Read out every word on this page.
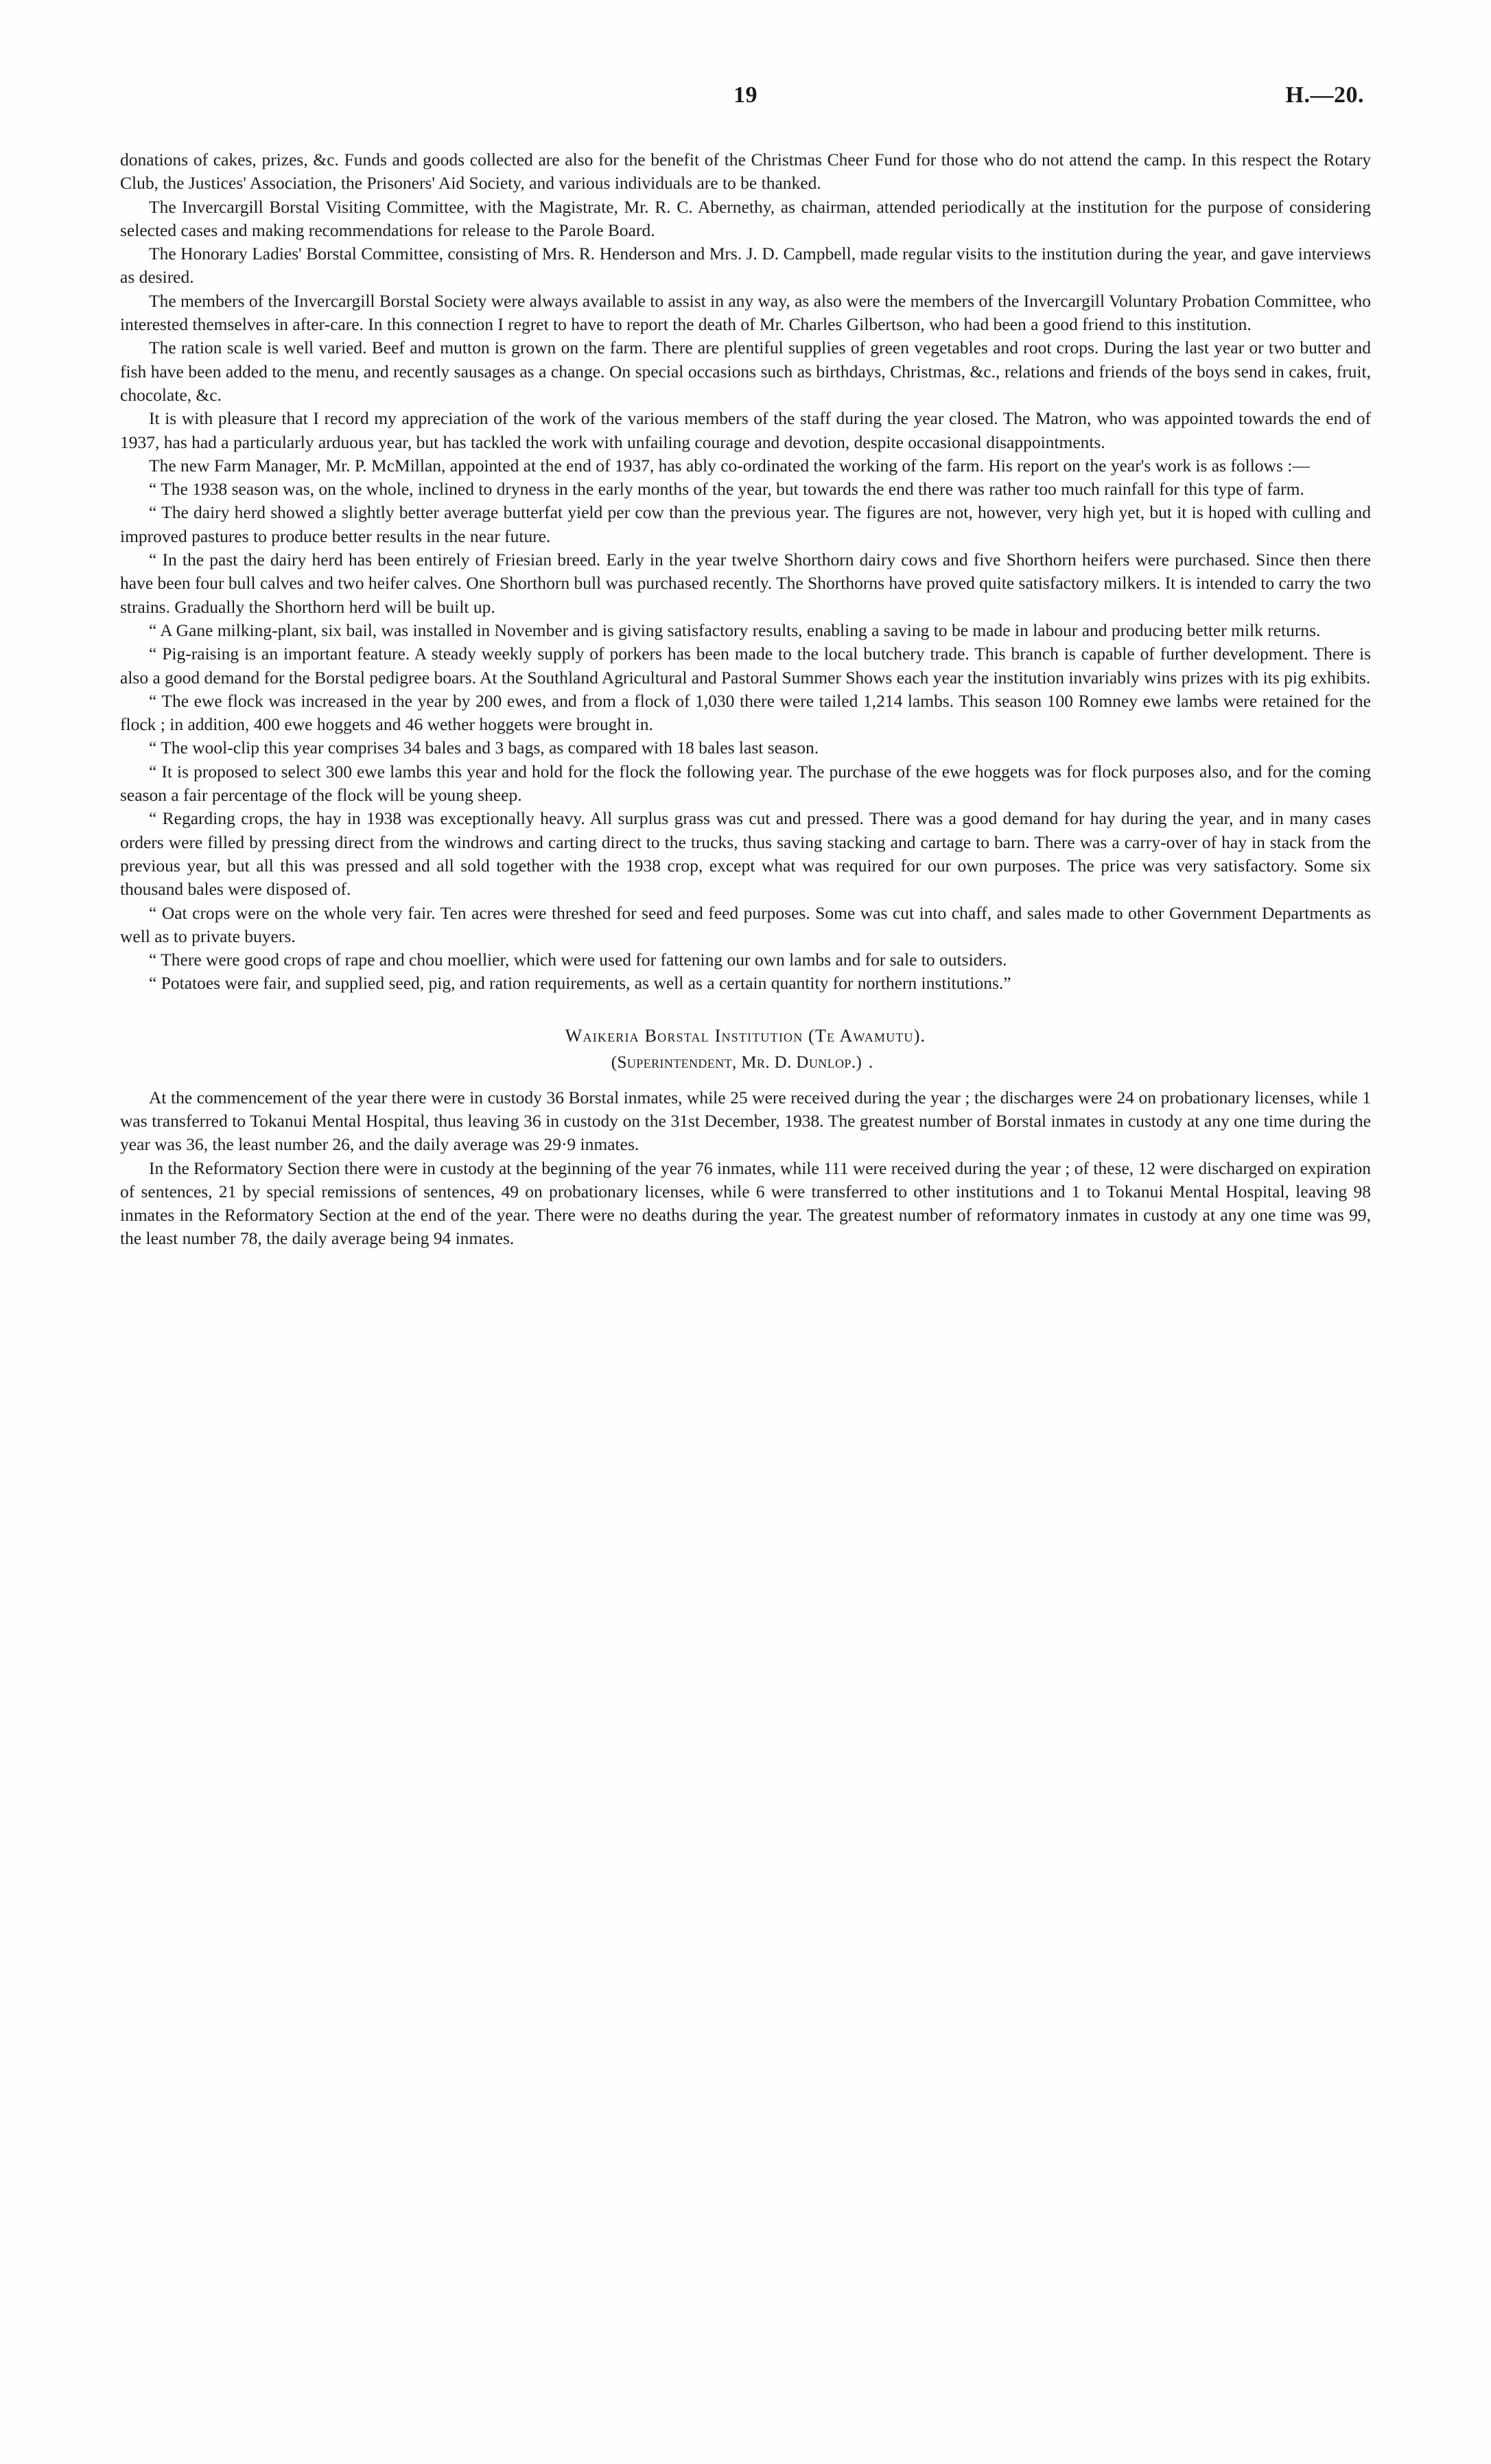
19	H.—20.

donations of cakes, prizes, &c. Funds and goods collected are also for the benefit of the Christmas Cheer Fund for those who do not attend the camp. In this respect the Rotary Club, the Justices' Association, the Prisoners' Aid Society, and various individuals are to be thanked.

The Invercargill Borstal Visiting Committee, with the Magistrate, Mr. R. C. Abernethy, as chairman, attended periodically at the institution for the purpose of considering selected cases and making recommendations for release to the Parole Board.

The Honorary Ladies' Borstal Committee, consisting of Mrs. R. Henderson and Mrs. J. D. Campbell, made regular visits to the institution during the year, and gave interviews as desired.

The members of the Invercargill Borstal Society were always available to assist in any way, as also were the members of the Invercargill Voluntary Probation Committee, who interested themselves in after-care. In this connection I regret to have to report the death of Mr. Charles Gilbertson, who had been a good friend to this institution.

The ration scale is well varied. Beef and mutton is grown on the farm. There are plentiful supplies of green vegetables and root crops. During the last year or two butter and fish have been added to the menu, and recently sausages as a change. On special occasions such as birthdays, Christmas, &c., relations and friends of the boys send in cakes, fruit, chocolate, &c.

It is with pleasure that I record my appreciation of the work of the various members of the staff during the year closed. The Matron, who was appointed towards the end of 1937, has had a particularly arduous year, but has tackled the work with unfailing courage and devotion, despite occasional disappointments.

The new Farm Manager, Mr. P. McMillan, appointed at the end of 1937, has ably co-ordinated the working of the farm. His report on the year's work is as follows :—

“ The 1938 season was, on the whole, inclined to dryness in the early months of the year, but towards the end there was rather too much rainfall for this type of farm.

“ The dairy herd showed a slightly better average butterfat yield per cow than the previous year. The figures are not, however, very high yet, but it is hoped with culling and improved pastures to produce better results in the near future.

“ In the past the dairy herd has been entirely of Friesian breed. Early in the year twelve Shorthorn dairy cows and five Shorthorn heifers were purchased. Since then there have been four bull calves and two heifer calves. One Shorthorn bull was purchased recently. The Shorthorns have proved quite satisfactory milkers. It is intended to carry the two strains. Gradually the Shorthorn herd will be built up.

“ A Gane milking-plant, six bail, was installed in November and is giving satisfactory results, enabling a saving to be made in labour and producing better milk returns.

“ Pig-raising is an important feature. A steady weekly supply of porkers has been made to the local butchery trade. This branch is capable of further development. There is also a good demand for the Borstal pedigree boars. At the Southland Agricultural and Pastoral Summer Shows each year the institution invariably wins prizes with its pig exhibits.

“ The ewe flock was increased in the year by 200 ewes, and from a flock of 1,030 there were tailed 1,214 lambs. This season 100 Romney ewe lambs were retained for the flock ; in addition, 400 ewe hoggets and 46 wether hoggets were brought in.

“ The wool-clip this year comprises 34 bales and 3 bags, as compared with 18 bales last season.

“ It is proposed to select 300 ewe lambs this year and hold for the flock the following year. The purchase of the ewe hoggets was for flock purposes also, and for the coming season a fair percentage of the flock will be young sheep.

“ Regarding crops, the hay in 1938 was exceptionally heavy. All surplus grass was cut and pressed. There was a good demand for hay during the year, and in many cases orders were filled by pressing direct from the windrows and carting direct to the trucks, thus saving stacking and cartage to barn. There was a carry-over of hay in stack from the previous year, but all this was pressed and all sold together with the 1938 crop, except what was required for our own purposes. The price was very satisfactory. Some six thousand bales were disposed of.

“ Oat crops were on the whole very fair. Ten acres were threshed for seed and feed purposes. Some was cut into chaff, and sales made to other Government Departments as well as to private buyers.

“ There were good crops of rape and chou moellier, which were used for fattening our own lambs and for sale to outsiders.

“ Potatoes were fair, and supplied seed, pig, and ration requirements, as well as a certain quantity for northern institutions.”

Waikeria Borstal Institution (Te Awamutu).
(Superintendent, Mr. D. Dunlop.) .

At the commencement of the year there were in custody 36 Borstal inmates, while 25 were received during the year ; the discharges were 24 on probationary licenses, while 1 was transferred to Tokanui Mental Hospital, thus leaving 36 in custody on the 31st December, 1938. The greatest number of Borstal inmates in custody at any one time during the year was 36, the least number 26, and the daily average was 29·9 inmates.

In the Reformatory Section there were in custody at the beginning of the year 76 inmates, while 111 were received during the year ; of these, 12 were discharged on expiration of sentences, 21 by special remissions of sentences, 49 on probationary licenses, while 6 were transferred to other institutions and 1 to Tokanui Mental Hospital, leaving 98 inmates in the Reformatory Section at the end of the year. There were no deaths during the year. The greatest number of reformatory inmates in custody at any one time was 99, the least number 78, the daily average being 94 inmates.
